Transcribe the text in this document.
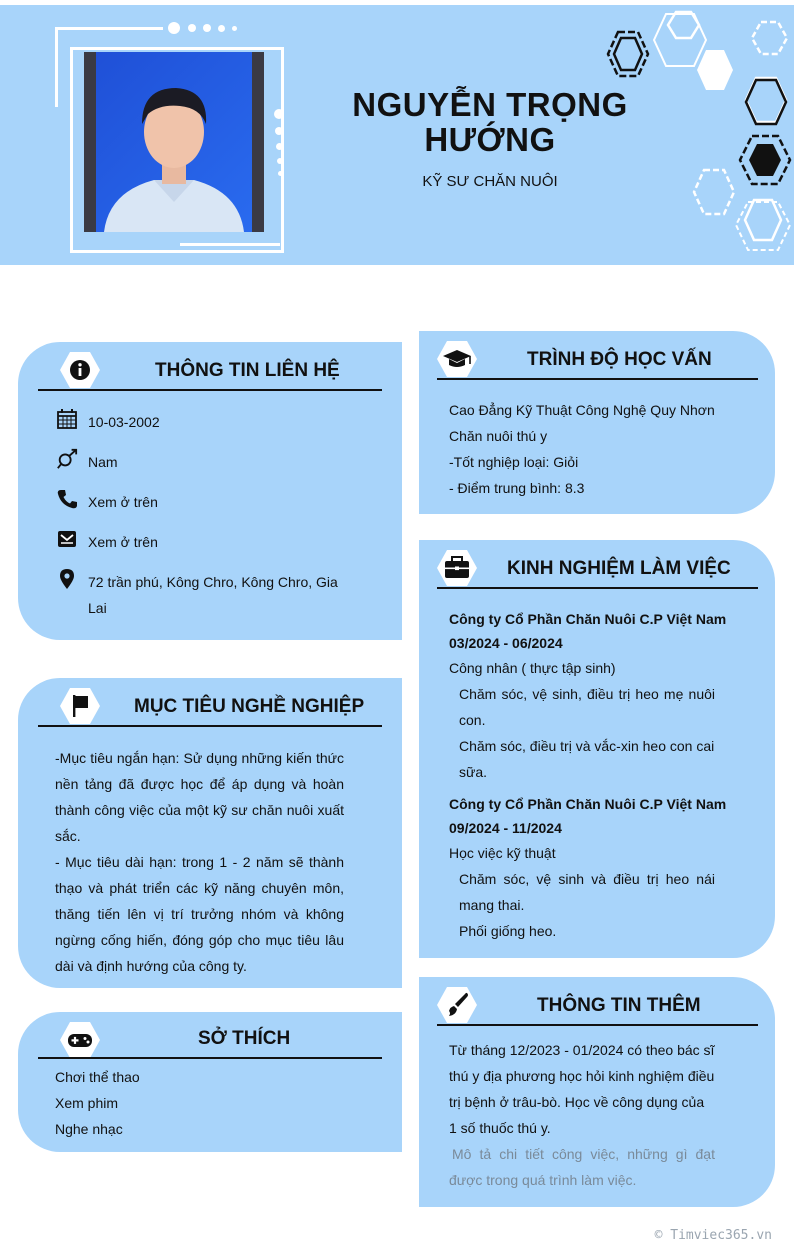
NGUYỄN TRỌNG HƯỚNG
KỸ SƯ CHĂN NUÔI
THÔNG TIN LIÊN HỆ
10-03-2002
Nam
Xem ở trên
Xem ở trên
72 trần phú, Kông Chro, Kông Chro, Gia Lai
MỤC TIÊU NGHỀ NGHIỆP
-Mục tiêu ngắn hạn: Sử dụng những kiến thức nền tảng đã được học để áp dụng và hoàn thành công việc của một kỹ sư chăn nuôi xuất sắc.
- Mục tiêu dài hạn: trong 1 - 2 năm sẽ thành thạo và phát triển các kỹ năng chuyên môn, thăng tiến lên vị trí trưởng nhóm và không ngừng cống hiến, đóng góp cho mục tiêu lâu dài và định hướng của công ty.
SỞ THÍCH
Chơi thể thao
Xem phim
Nghe nhạc
TRÌNH ĐỘ HỌC VẤN
Cao Đẳng Kỹ Thuật Công Nghệ Quy Nhơn
Chăn nuôi thú y
-Tốt nghiệp loại: Giỏi
- Điểm trung bình: 8.3
KINH NGHIỆM LÀM VIỆC
Công ty Cổ Phần Chăn Nuôi C.P Việt Nam
03/2024 - 06/2024
Công nhân ( thực tập sinh)
Chăm sóc, vệ sinh, điều trị heo mẹ nuôi con.
Chăm sóc, điều trị và vắc-xin heo con cai sữa.
Công ty Cổ Phần Chăn Nuôi C.P Việt Nam
09/2024 - 11/2024
Học việc kỹ thuật
Chăm sóc, vệ sinh và điều trị heo nái mang thai.
Phối giống heo.
THÔNG TIN THÊM
Từ tháng 12/2023 - 01/2024 có theo bác sĩ thú y địa phương học hỏi kinh nghiệm điều trị bệnh ở trâu-bò. Học về công dụng của 1 số thuốc thú y.
Mô tả chi tiết công việc, những gì đạt được trong quá trình làm việc.
© Timviec365.vn
